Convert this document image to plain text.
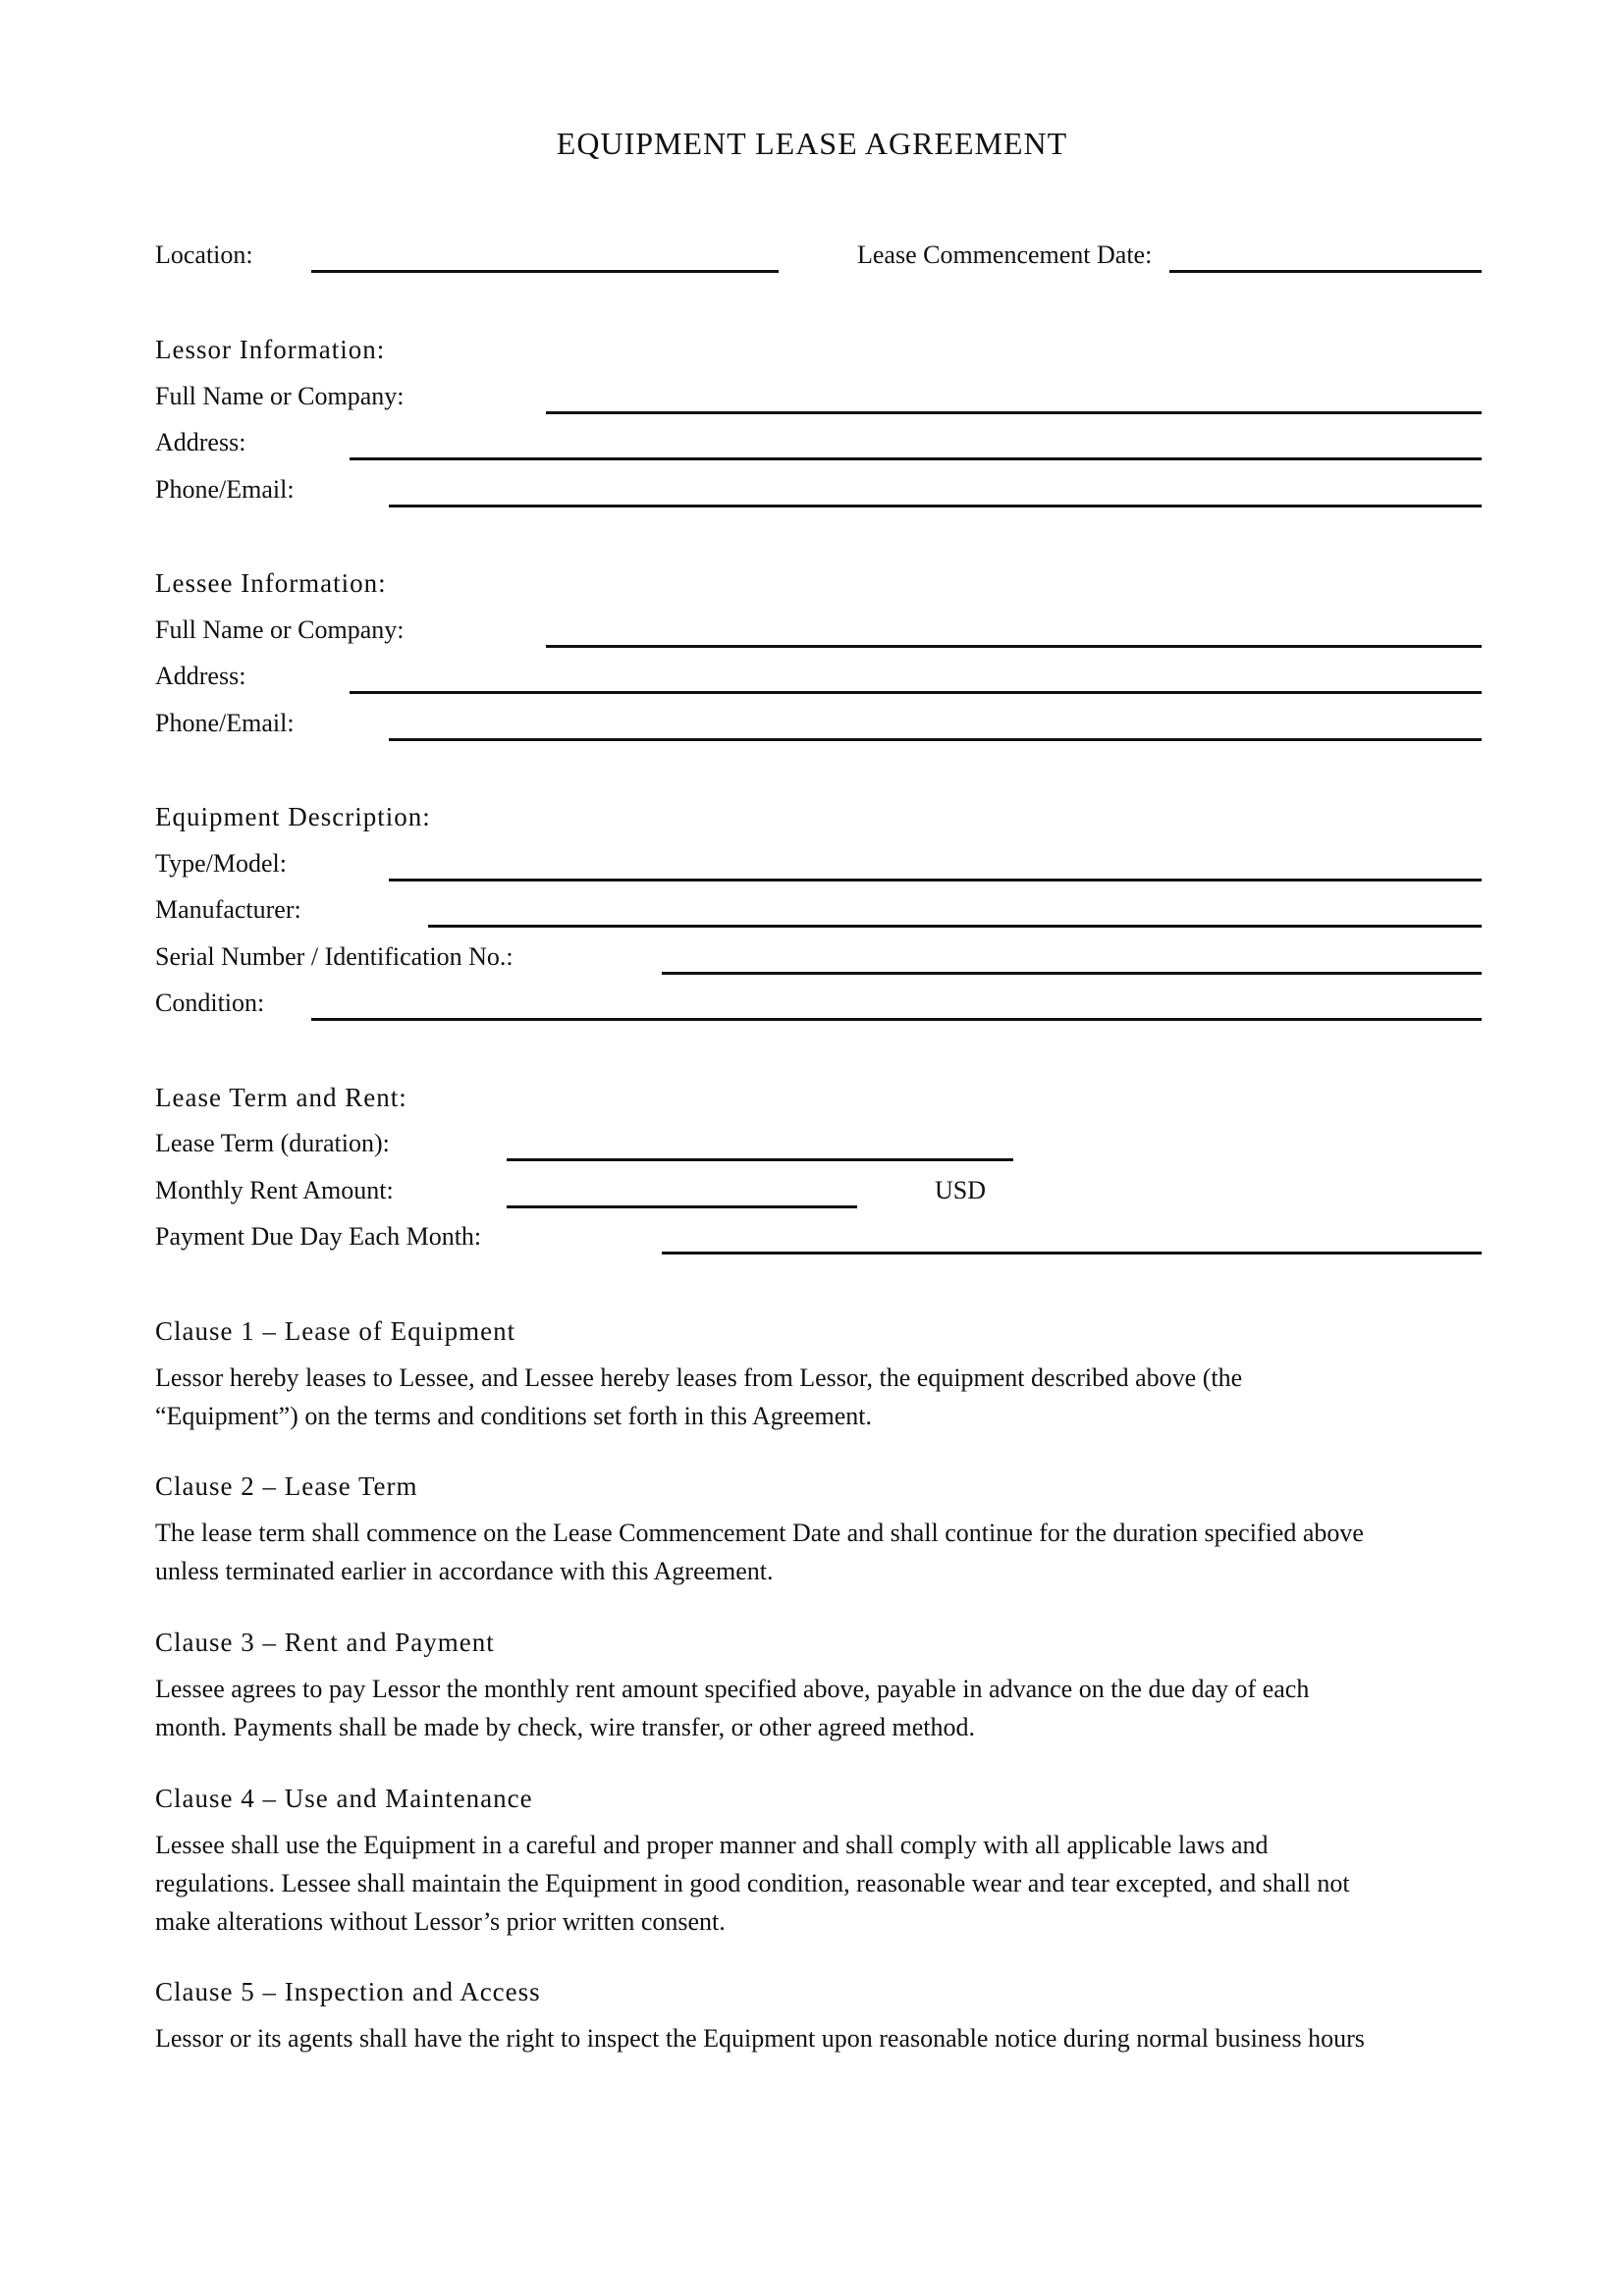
EQUIPMENT LEASE AGREEMENT
Location:	Lease Commencement Date:
Lessor Information:
Full Name or Company:
Address:
Phone/Email:
Lessee Information:
Full Name or Company:
Address:
Phone/Email:
Equipment Description:
Type/Model:
Manufacturer:
Serial Number / Identification No.:
Condition:
Lease Term and Rent:
Lease Term (duration):
Monthly Rent Amount:	USD
Payment Due Day Each Month:
Clause 1 – Lease of Equipment
Lessor hereby leases to Lessee, and Lessee hereby leases from Lessor, the equipment described above (the
“Equipment”) on the terms and conditions set forth in this Agreement.
Clause 2 – Lease Term
The lease term shall commence on the Lease Commencement Date and shall continue for the duration specified above
unless terminated earlier in accordance with this Agreement.
Clause 3 – Rent and Payment
Lessee agrees to pay Lessor the monthly rent amount specified above, payable in advance on the due day of each
month. Payments shall be made by check, wire transfer, or other agreed method.
Clause 4 – Use and Maintenance
Lessee shall use the Equipment in a careful and proper manner and shall comply with all applicable laws and
regulations. Lessee shall maintain the Equipment in good condition, reasonable wear and tear excepted, and shall not
make alterations without Lessor’s prior written consent.
Clause 5 – Inspection and Access
Lessor or its agents shall have the right to inspect the Equipment upon reasonable notice during normal business hours
